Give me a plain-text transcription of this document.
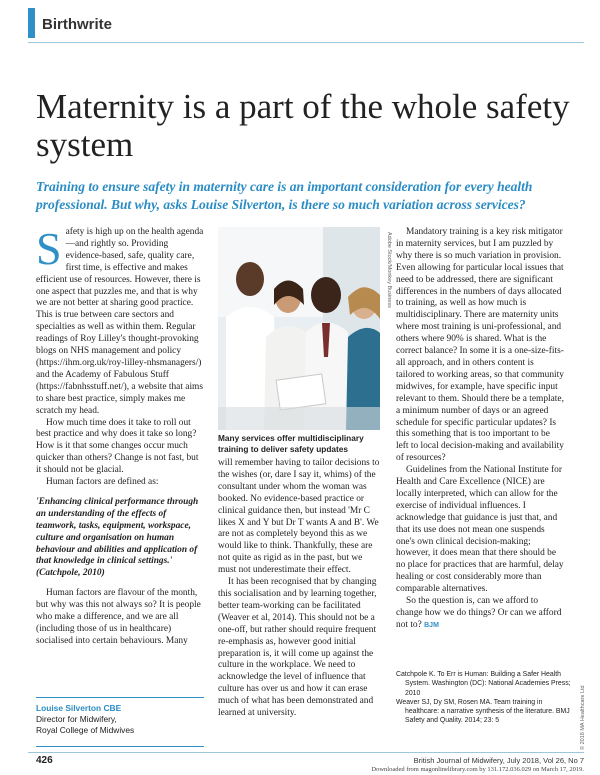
Birthwrite
Maternity is a part of the whole safety system
Training to ensure safety in maternity care is an important consideration for every health professional. But why, asks Louise Silverton, is there so much variation across services?

Safety is high up on the health agenda—and rightly so. Providing evidence-based, safe, quality care, first time, is effective and makes efficient use of resources. However, there is one aspect that puzzles me, and that is why we are not better at sharing good practice. This is true between care sectors and specialties as well as within them. Regular readings of Roy Lilley's thought-provoking blogs on NHS management and policy (https://ihm.org.uk/roy-lilley-nhsmanagers/) and the Academy of Fabulous Stuff (https://fabnhsstuff.net/), a website that aims to share best practice, simply makes me scratch my head.

How much time does it take to roll out best practice and why does it take so long? How is it that some changes occur much quicker than others? Change is not fast, but it should not be glacial.

Human factors are defined as:

'Enhancing clinical performance through an understanding of the effects of teamwork, tasks, equipment, workspace, culture and organisation on human behaviour and abilities and application of that knowledge in clinical settings.'
(Catchpole, 2010)

Human factors are flavour of the month, but why was this not always so? It is people who make a difference, and we are all (including those of us in healthcare) socialised into certain behaviours. Many

Adobe Stock/Monkey Business
Many services offer multidisciplinary training to deliver safety updates

will remember having to tailor decisions to the wishes (or, dare I say it, whims) of the consultant under whom the woman was booked. No evidence-based practice or clinical guidance then, but instead 'Mr C likes X and Y but Dr T wants A and B'. We are not as completely beyond this as we would like to think. Thankfully, these are not quite as rigid as in the past, but we must not underestimate their effect.

It has been recognised that by changing this socialisation and by learning together, better team-working can be facilitated (Weaver et al, 2014). This should not be a one-off, but rather should require frequent re-emphasis as, however good initial preparation is, it will come up against the culture in the workplace. We need to acknowledge the level of influence that culture has over us and how it can erase much of what has been demonstrated and learned at university.

Mandatory training is a key risk mitigator in maternity services, but I am puzzled by why there is so much variation in provision. Even allowing for particular local issues that need to be addressed, there are significant differences in the numbers of days allocated to training, as well as how much is multidisciplinary. There are maternity units where most training is uni-professional, and others where 90% is shared. What is the correct balance? In some it is a one-size-fits-all approach, and in others content is tailored to working areas, so that community midwives, for example, have specific input relevant to them. Should there be a template, a minimum number of days or an agreed schedule for specific particular updates? Is this something that is too important to be left to local decision-making and availability of resources?

Guidelines from the National Institute for Health and Care Excellence (NICE) are locally interpreted, which can allow for the exercise of individual influences. I acknowledge that guidance is just that, and that its use does not mean one suspends one's own clinical decision-making; however, it does mean that there should be no place for practices that are harmful, delay healing or cost considerably more than comparable alternatives.

So the question is, can we afford to change how we do things? Or can we afford not to? BJM

Catchpole K. To Err is Human: Building a Safer Health System. Washington (DC): National Academies Press; 2010

Weaver SJ, Dy SM, Rosen MA. Team training in healthcare: a narrative synthesis of the literature. BMJ Safety and Quality. 2014; 23: 5	© 2018 MA Healthcare Ltd
Louise Silverton CBE
Director for Midwifery,
Royal College of Midwives
426	British Journal of Midwifery, July 2018, Vol 26, No 7
Downloaded from magonlinelibrary.com by 131.172.036.029 on March 17, 2019.
